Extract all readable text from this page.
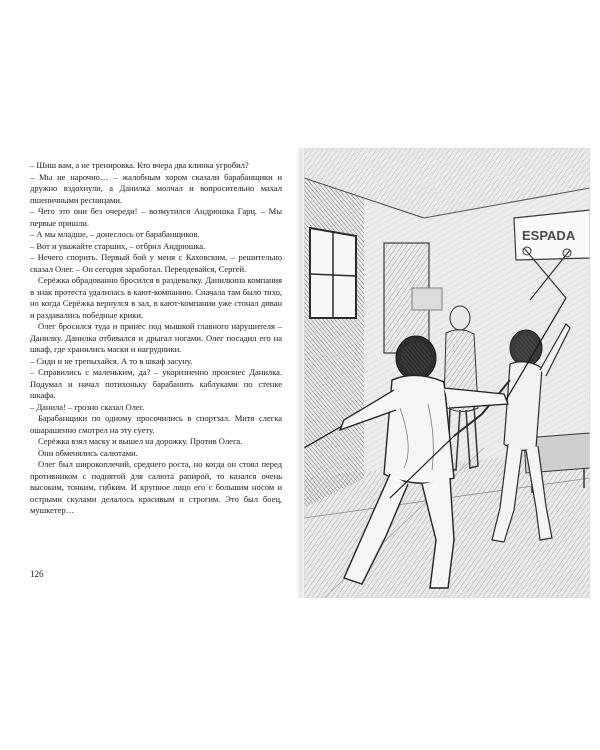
– Шиш вам, а не тренировка. Кто вчера два клинка угробил?

– Мы не нарочно… – жалобным хором сказали барабанщики и дружно вздохнули, а Данилка молчал и вопросительно махал пшеничными ресницами.

– Чего это они без очереди! – возмутился Андрюшка Гарц. – Мы первые пришли.

– А мы младше, – донеслось от барабанщиков.

– Вот и уважайте старших, – отбрил Андрюшка.

– Нечего спорить. Первый бой у меня с Каховским, – решительно сказал Олег. – Он сегодня заработал. Переодевайся, Сергей.

Серёжка обрадованно бросился в раздевалку. Данилкина компания в знак протеста удалилась в кают-компанию. Сначала там было тихо, но когда Серёжка вернулся в зал, в кают-компании уже стонал диван и раздавались победные крики.

Олег бросился туда и принес под мышкой главного нарушителя – Данилку. Данилка отбивался и дрыгал ногами. Олег посадил его на шкаф, где хранились маски и нагрудники.

– Сиди и не трепыхайся. А то в шкаф засуну.

– Справились с маленьким, да? – укоризненно произнес Данилка. Подумал и начал потихоньку барабанить каблуками по стенке шкафа.

– Данила! – грозно сказал Олег.

Барабанщики по одному просочились в спортзал. Митя слегка ошарашенно смотрел на эту суету.

Серёжка взял маску и вышел на дорожку. Против Олега.

Они обменялись салютами.

Олег был широкоплечий, среднего роста, но когда он стоял перед противником с поднятой для салюта рапирой, то казался очень высоким, тонким, гибким. И крупное лицо его с большим носом и острыми скулами делалось красивым и строгим. Это был боец, мушкетер…

126
ESPADA
